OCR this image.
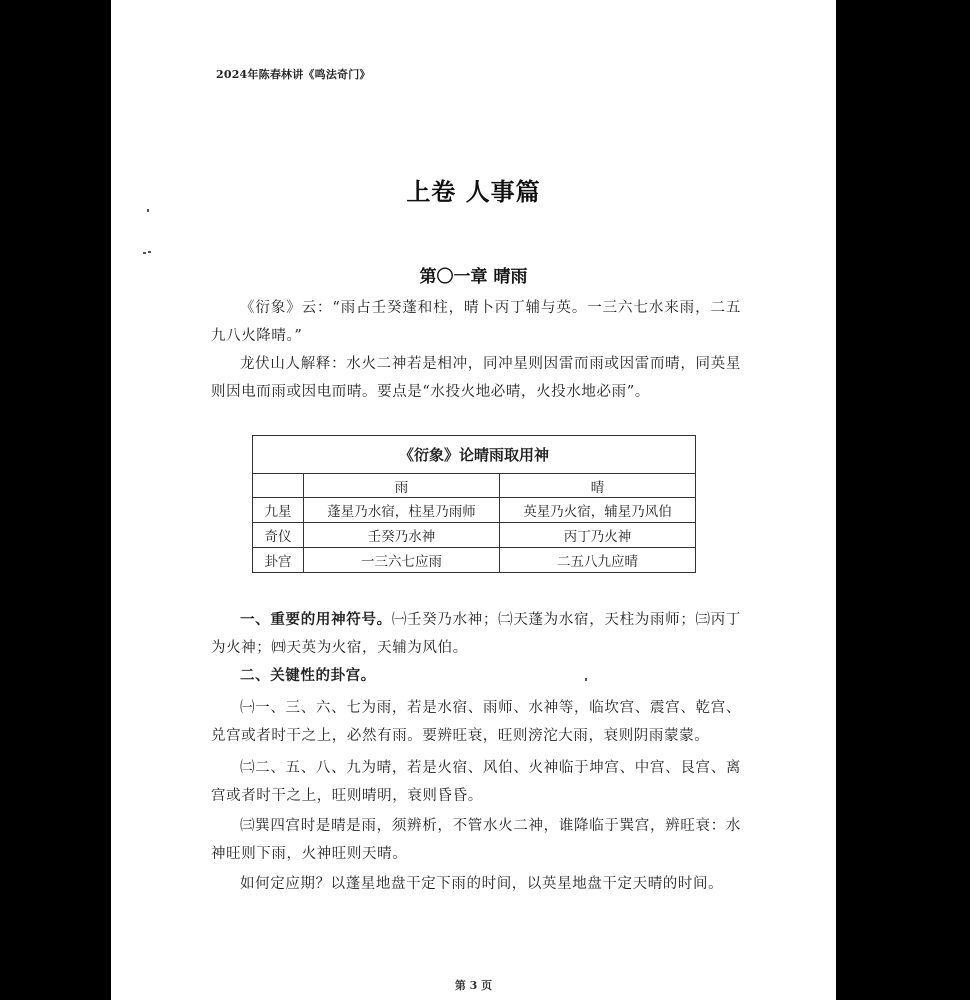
2024年陈春林讲《鸣法奇门》
上卷 人事篇
第〇一章 晴雨
《衍象》云：“雨占壬癸蓬和柱，晴卜丙丁辅与英。一三六七水来雨，二五九八火降晴。”
龙伏山人解释：水火二神若是相冲，同冲星则因雷而雨或因雷而晴，同英星则因电而雨或因电而晴。要点是“水投火地必晴，火投水地必雨”。
《衍象》论晴雨取用神		
	雨	晴
九星	蓬星乃水宿，柱星乃雨师	英星乃火宿，辅星乃风伯
奇仪	壬癸乃水神	丙丁乃火神
卦宫	一三六七应雨	二五八九应晴
一、重要的用神符号。㈠壬癸乃水神；㈡天蓬为水宿，天柱为雨师；㈢丙丁为火神；㈣天英为火宿，天辅为风伯。
二、关键性的卦宫。
㈠一、三、六、七为雨，若是水宿、雨师、水神等，临坎宫、震宫、乾宫、兑宫或者时干之上，必然有雨。要辨旺衰，旺则滂沱大雨，衰则阴雨蒙蒙。
㈡二、五、八、九为晴，若是火宿、风伯、火神临于坤宫、中宫、艮宫、离宫或者时干之上，旺则晴明，衰则昏昏。
㈢巽四宫时是晴是雨，须辨析，不管水火二神，谁降临于巽宫，辨旺衰：水神旺则下雨，火神旺则天晴。
如何定应期？以蓬星地盘干定下雨的时间，以英星地盘干定天晴的时间。
第 3 页
